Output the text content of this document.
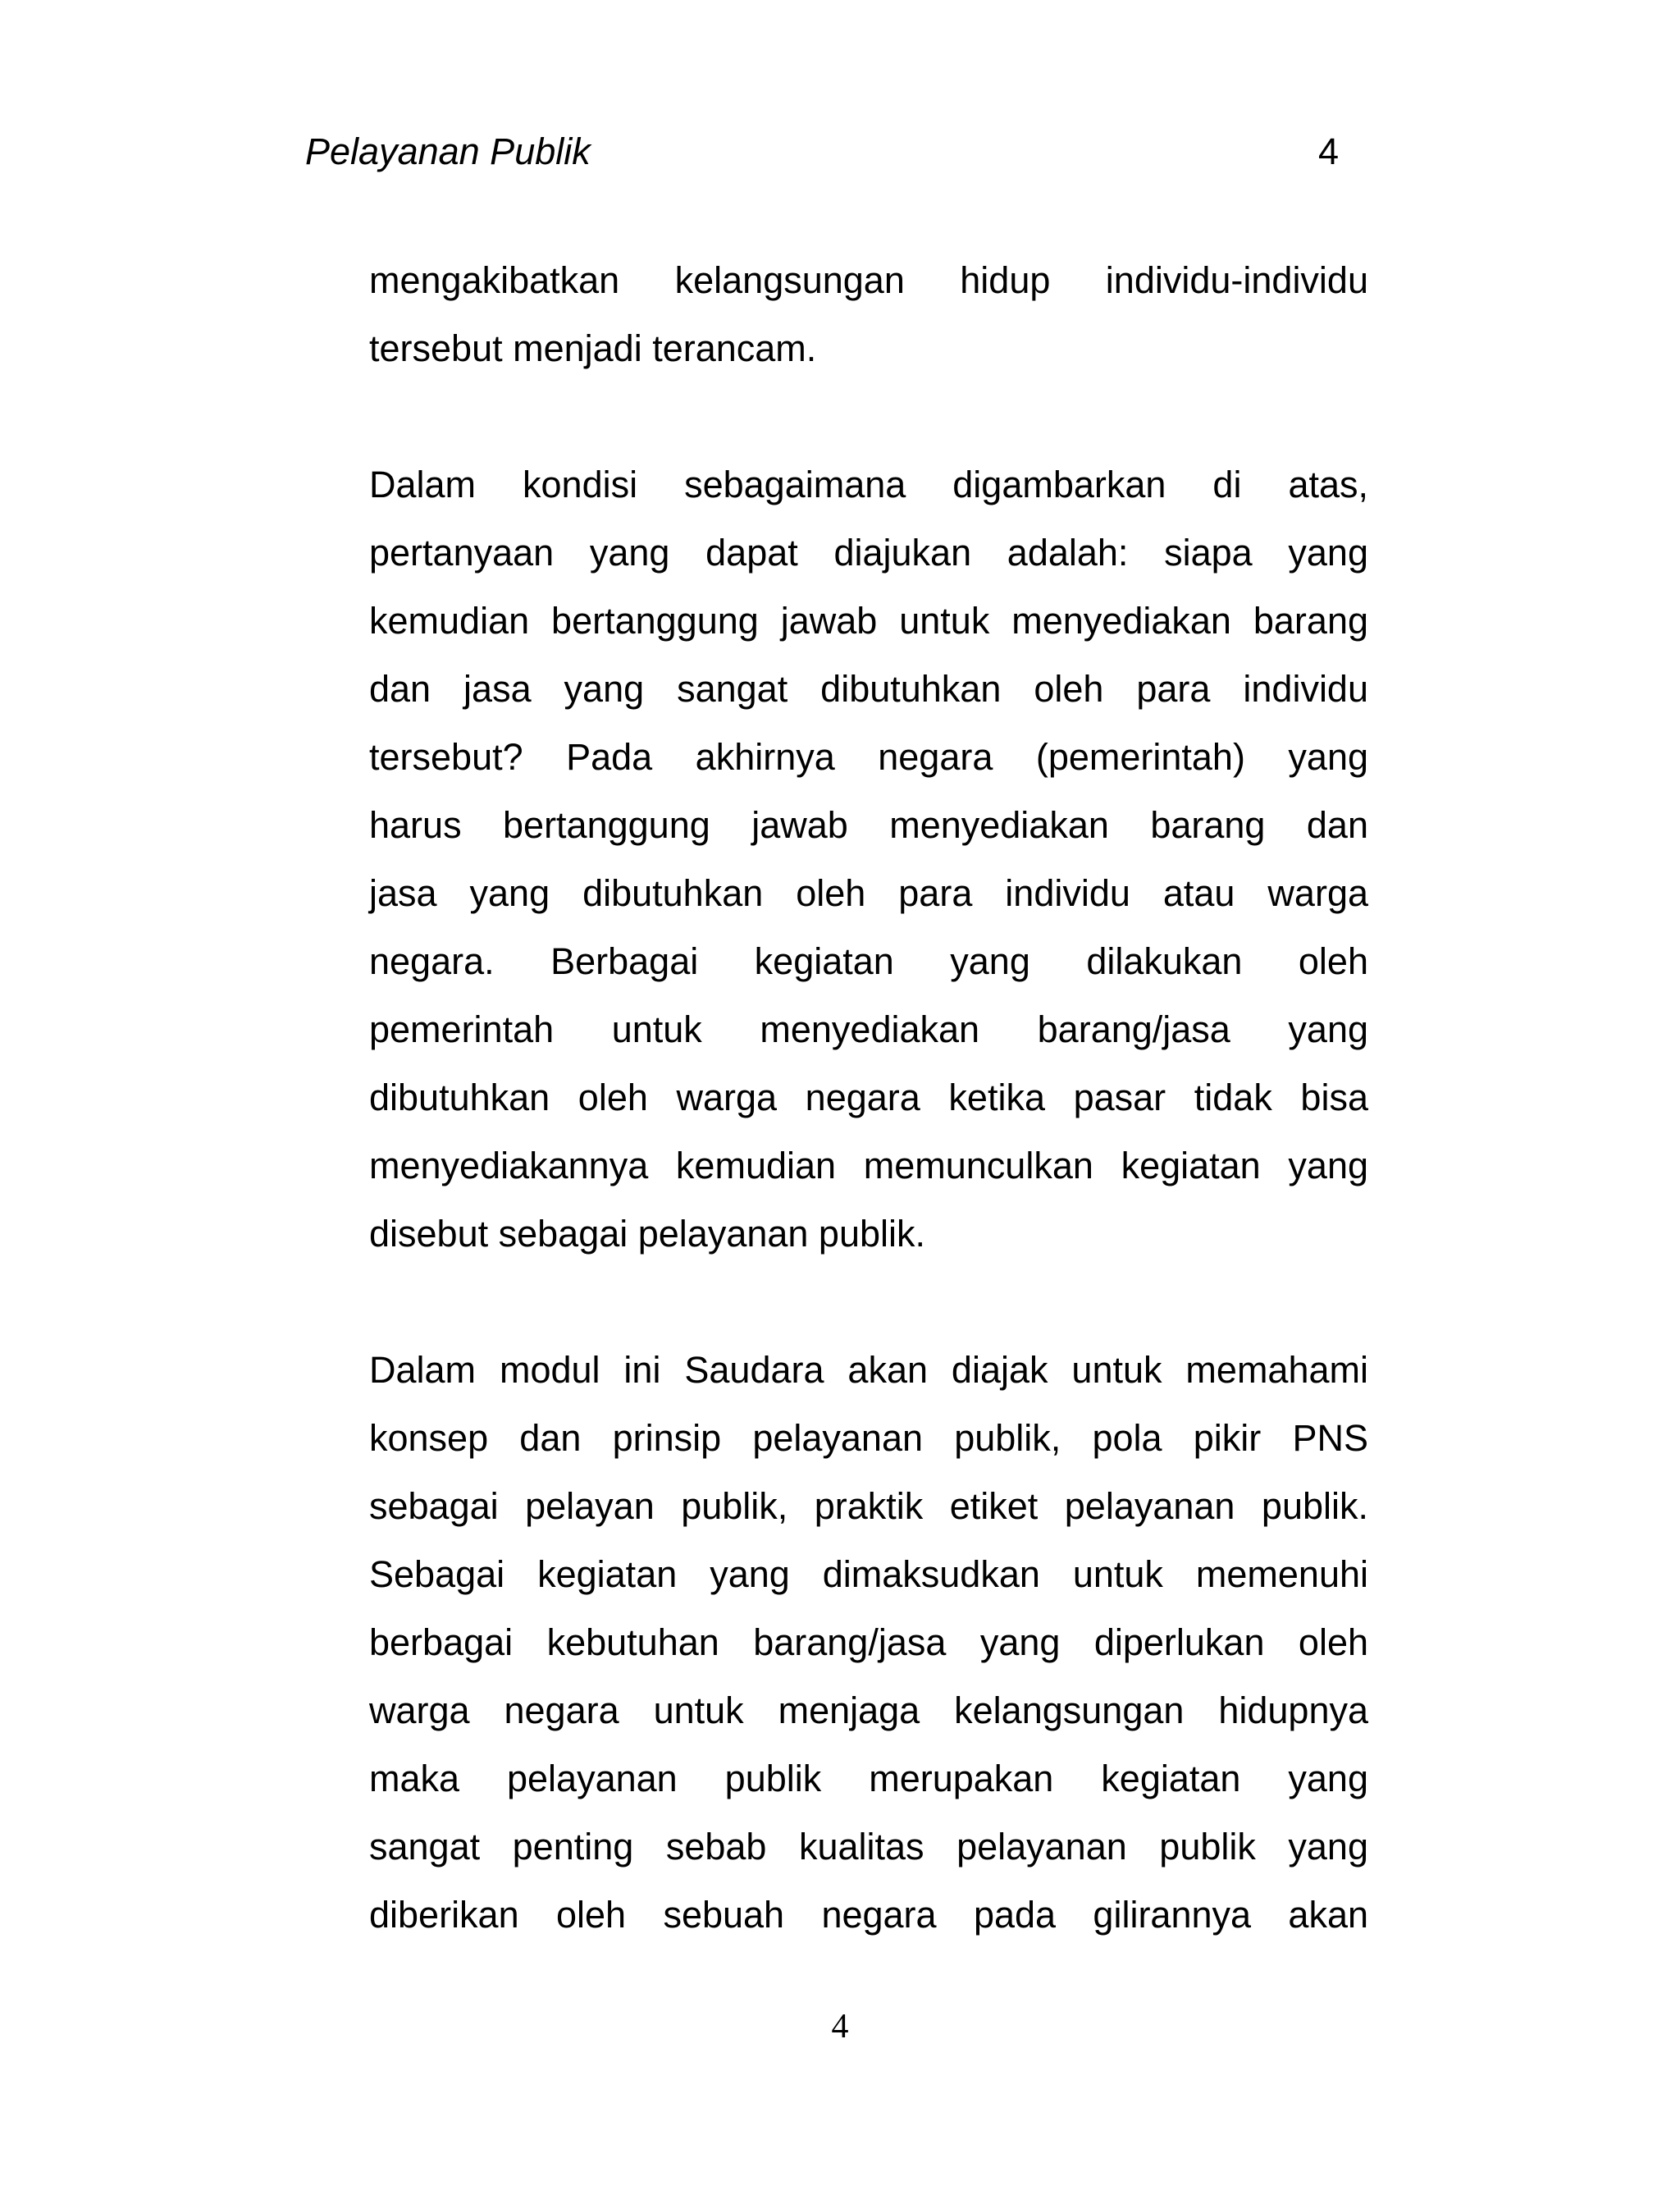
Pelayanan Publik	4

mengakibatkan kelangsungan hidup individu-individu
tersebut menjadi terancam.

Dalam kondisi sebagaimana digambarkan di atas,
pertanyaan yang dapat diajukan adalah: siapa yang
kemudian bertanggung jawab untuk menyediakan barang
dan jasa yang sangat dibutuhkan oleh para individu
tersebut? Pada akhirnya negara (pemerintah) yang
harus bertanggung jawab menyediakan barang dan
jasa yang dibutuhkan oleh para individu atau warga
negara. Berbagai kegiatan yang dilakukan oleh
pemerintah untuk menyediakan barang/jasa yang
dibutuhkan oleh warga negara ketika pasar tidak bisa
menyediakannya kemudian memunculkan kegiatan yang
disebut sebagai pelayanan publik.

Dalam modul ini Saudara akan diajak untuk memahami
konsep dan prinsip pelayanan publik, pola pikir PNS
sebagai pelayan publik, praktik etiket pelayanan publik.
Sebagai kegiatan yang dimaksudkan untuk memenuhi
berbagai kebutuhan barang/jasa yang diperlukan oleh
warga negara untuk menjaga kelangsungan hidupnya
maka pelayanan publik merupakan kegiatan yang
sangat penting sebab kualitas pelayanan publik yang
diberikan oleh sebuah negara pada gilirannya akan

4
